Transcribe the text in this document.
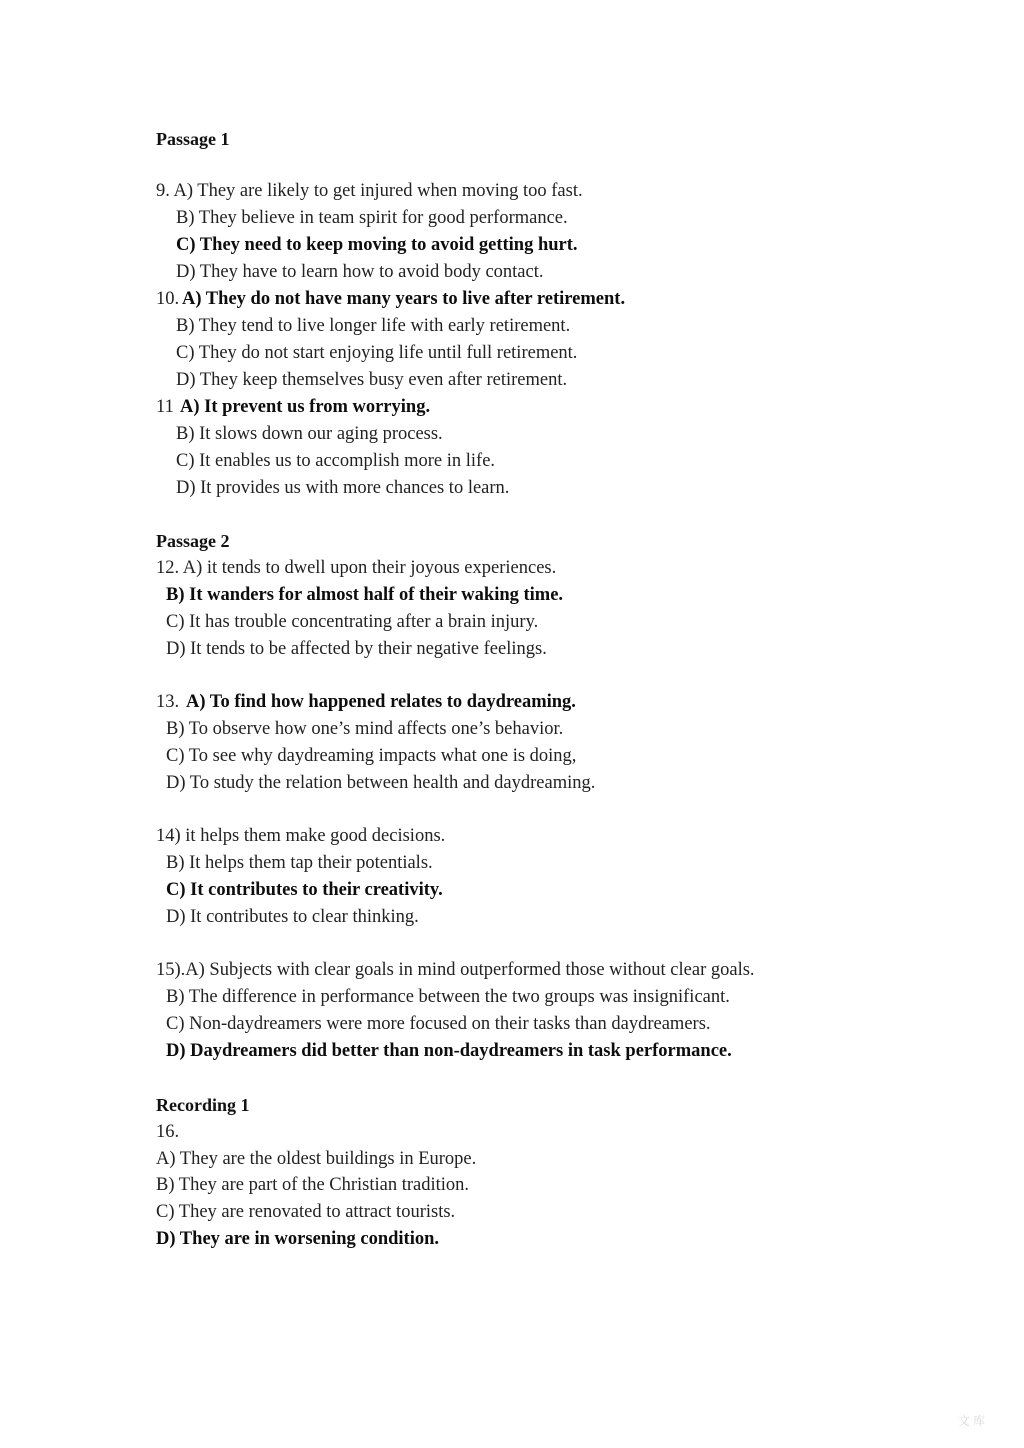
Passage 1
9. A) They are likely to get injured when moving too fast.
B) They believe in team spirit for good performance.
C) They need to keep moving to avoid getting hurt.
D) They have to learn how to avoid body contact.
10. A) They do not have many years to live after retirement.
B) They tend to live longer life with early retirement.
C) They do not start enjoying life until full retirement.
D) They keep themselves busy even after retirement.
11 A) It prevent us from worrying.
B) It slows down our aging process.
C) It enables us to accomplish more in life.
D) It provides us with more chances to learn.
Passage 2
12. A) it tends to dwell upon their joyous experiences.
B) It wanders for almost half of their waking time.
C) It has trouble concentrating after a brain injury.
D) It tends to be affected by their negative feelings.
13. A) To find how happened relates to daydreaming.
B) To observe how one’s mind affects one’s behavior.
C) To see why daydreaming impacts what one is doing,
D) To study the relation between health and daydreaming.
14) it helps them make good decisions.
B) It helps them tap their potentials.
C) It contributes to their creativity.
D) It contributes to clear thinking.
15).A) Subjects with clear goals in mind outperformed those without clear goals.
B) The difference in performance between the two groups was insignificant.
C) Non-daydreamers were more focused on their tasks than daydreamers.
D) Daydreamers did better than non-daydreamers in task performance.
Recording 1
16.
A) They are the oldest buildings in Europe.
B) They are part of the Christian tradition.
C) They are renovated to attract tourists.
D) They are in worsening condition.
文 库
